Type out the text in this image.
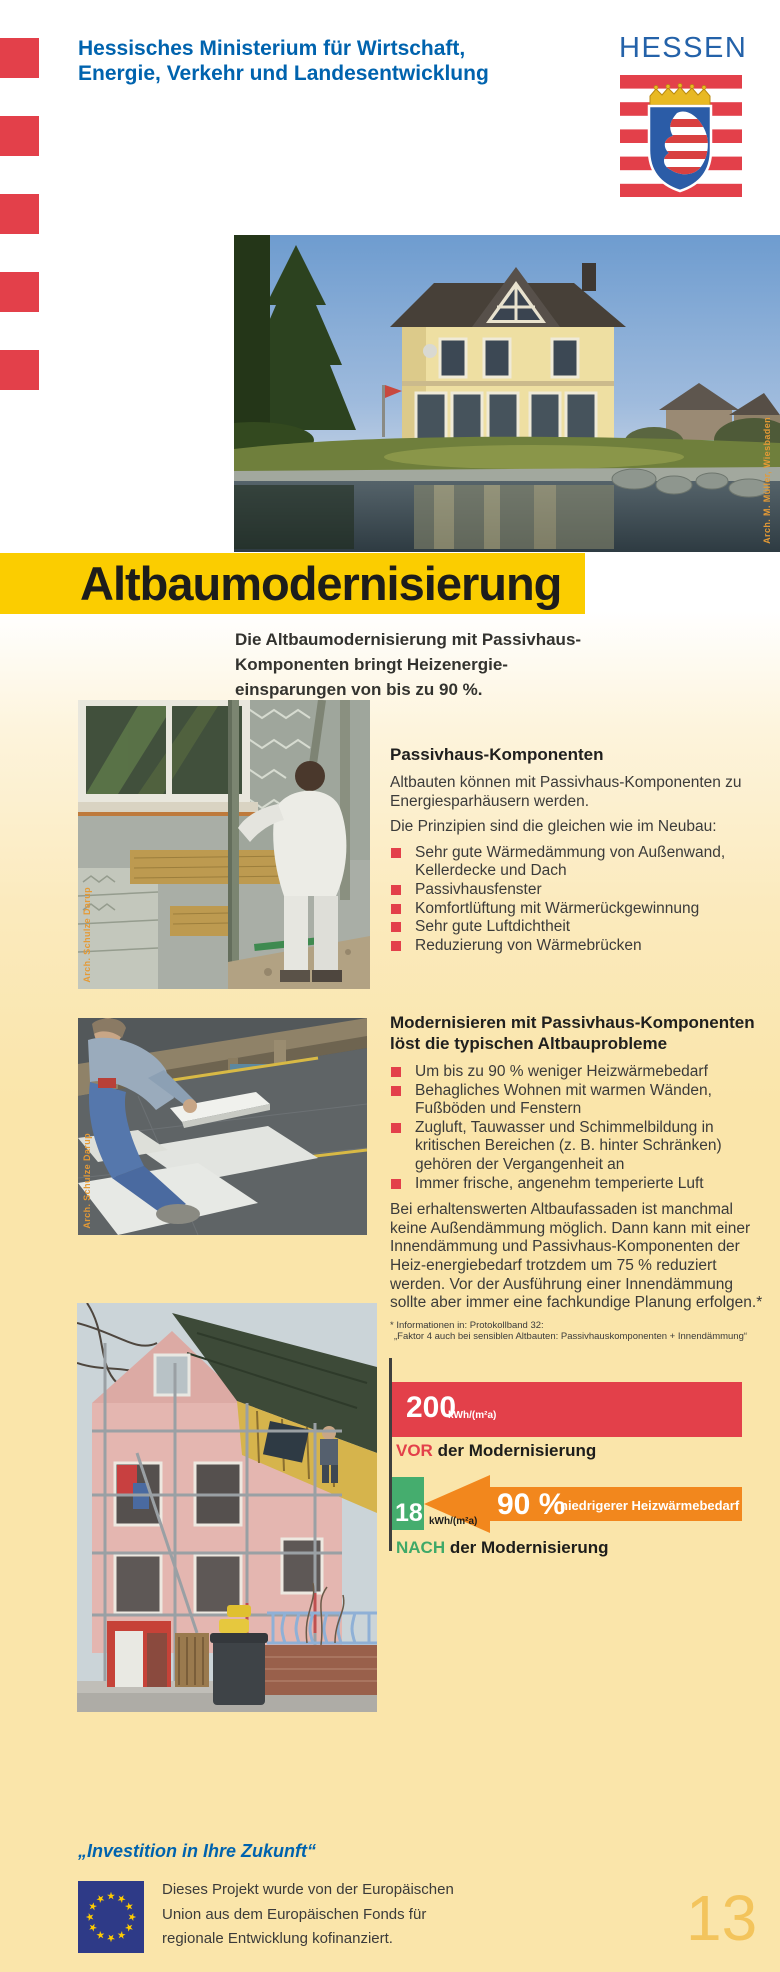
Hessisches Ministerium für Wirtschaft,
Energie, Verkehr und Landesentwicklung
HESSEN
Arch. M. Müller, Wiesbaden
Altbaumodernisierung
Die Altbaumodernisierung mit Passivhaus-
Komponenten bringt Heizenergie-
einsparungen von bis zu 90 %.
Arch. Schulze Darup
Passivhaus-Komponenten

Altbauten können mit Passivhaus-Komponenten zu Energiesparhäusern werden.

Die Prinzipien sind die gleichen wie im Neubau:

Sehr gute Wärmedämmung von Außenwand, Kellerdecke und Dach
Passivhausfenster
Komfortlüftung mit Wärmerückgewinnung
Sehr gute Luftdichtheit
Reduzierung von Wärmebrücken
Arch. Schulze Darup
Modernisieren mit Passivhaus-Komponenten löst die typischen Altbauprobleme
Um bis zu 90 % weniger Heizwärmebedarf
Behagliches Wohnen mit warmen Wänden, Fußböden und Fenstern
Zugluft, Tauwasser und Schimmelbildung in kritischen Bereichen (z. B. hinter Schränken) gehören der Vergangenheit an
Immer frische, angenehm temperierte Luft

Bei erhaltenswerten Altbaufassaden ist manchmal keine Außendämmung möglich. Dann kann mit einer Innendämmung und Passivhaus-Komponenten der Heiz-energiebedarf trotzdem um 75 % reduziert werden. Vor der Ausführung einer Innendämmung sollte aber immer eine fachkundige Planung erfolgen.*

* Informationen in: Protokollband 32:
„Faktor 4 auch bei sensiblen Altbauten: Passivhauskomponenten + Innendämmung“
200
kWh/(m²a)
VOR der Modernisierung
90 %
niedrigerer Heizwärmebedarf
18 kWh/(m²a)
NACH der Modernisierung
„Investition in Ihre Zukunft“
Dieses Projekt wurde von der Europäischen
Union aus dem Europäischen Fonds für
regionale Entwicklung kofinanziert.	13
